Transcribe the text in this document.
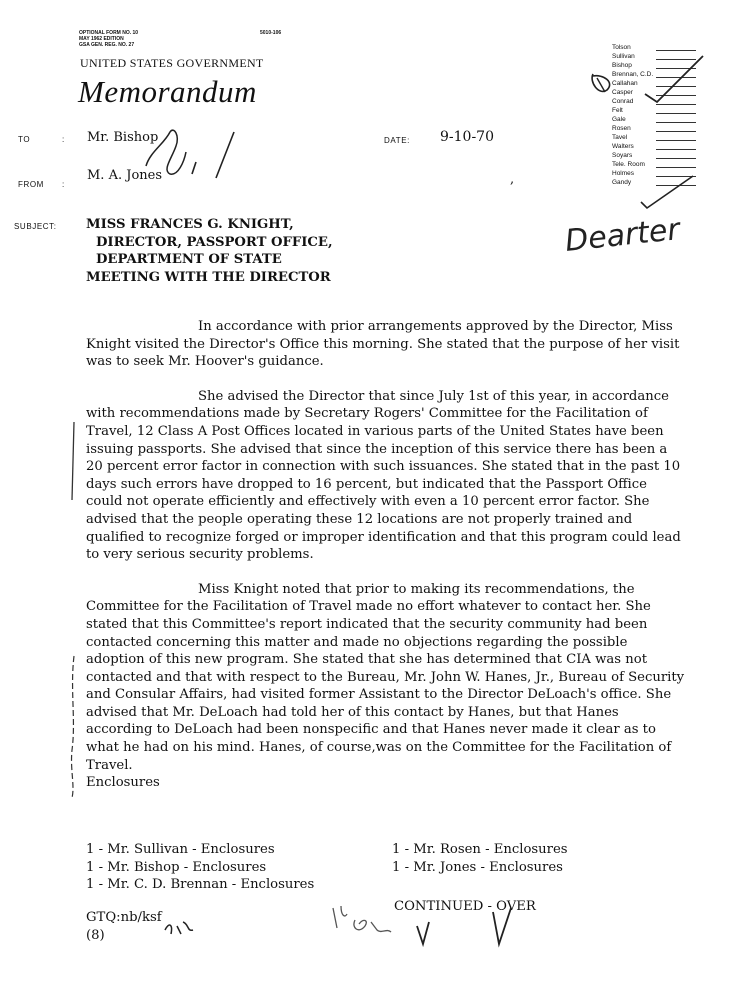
OPTIONAL FORM NO. 10
MAY 1962 EDITION
GSA GEN. REG. NO. 27
5010-106
UNITED STATES GOVERNMENT
Memorandum
Tolson
Sullivan
Bishop
Brennan, C.D.
Callahan
Casper
Conrad
Felt
Gale
Rosen
Tavel
Walters
Soyars
Tele. Room
Holmes
Gandy
TO	: Mr. Bishop	DATE: 9-10-70
FROM :
M. A. Jones	,
SUBJECT: MISS FRANCES G. KNIGHT,
DIRECTOR, PASSPORT OFFICE,
DEPARTMENT OF STATE
MEETING WITH THE DIRECTOR
Dearter

In accordance with prior arrangements approved by the Director, Miss Knight visited the Director's Office this morning. She stated that the purpose of her visit was to seek Mr. Hoover's guidance.

She advised the Director that since July 1st of this year, in accordance with recommendations made by Secretary Rogers' Committee for the Facilitation of Travel, 12 Class A Post Offices located in various parts of the United States have been issuing passports. She advised that since the inception of this service there has been a 20 percent error factor in connection with such issuances. She stated that in the past 10 days such errors have dropped to 16 percent, but indicated that the Passport Office could not operate efficiently and effectively with even a 10 percent error factor. She advised that the people operating these 12 locations are not properly trained and qualified to recognize forged or improper identification and that this program could lead to very serious security problems.

Miss Knight noted that prior to making its recommendations, the Committee for the Facilitation of Travel made no effort whatever to contact her. She stated that this Committee's report indicated that the security community had been contacted concerning this matter and made no objections regarding the possible adoption of this new program. She stated that she has determined that CIA was not contacted and that with respect to the Bureau, Mr. John W. Hanes, Jr., Bureau of Security and Consular Affairs, had visited former Assistant to the Director DeLoach's office. She advised that Mr. DeLoach had told her of this contact by Hanes, but that Hanes according to DeLoach had been nonspecific and that Hanes never made it clear as to what he had on his mind. Hanes, of course,was on the Committee for the Facilitation of Travel.

Enclosures
1 - Mr. Sullivan - Enclosures	1 - Mr. Rosen - Enclosures
1 - Mr. Bishop - Enclosures	1 - Mr. Jones - Enclosures
1 - Mr. C. D. Brennan - Enclosures
CONTINUED - OVER
GTQ:nb/ksf
(8)
